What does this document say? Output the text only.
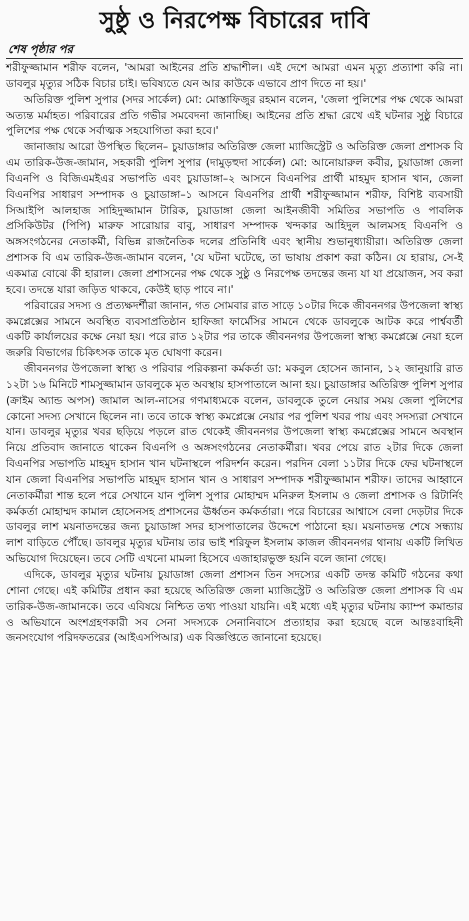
সুষ্ঠু ও নিরপেক্ষ বিচারের দাবি
শেষ পৃষ্ঠার পর

শরীফুজ্জামান শরীফ বলেন, 'আমরা আইনের প্রতি শ্রদ্ধাশীল। এই দেশে আমরা এমন মৃত্যু প্রত্যাশা করি না। ডাবলুর মৃত্যুর সঠিক বিচার চাই। ভবিষ্যতে যেন আর কাউকে এভাবে প্রাণ দিতে না হয়।'

অতিরিক্ত পুলিশ সুপার (সদর সার্কেল) মো: মোস্তাফিজুর রহমান বলেন, 'জেলা পুলিশের পক্ষ থেকে আমরা অত্যন্ত মর্মাহত। পরিবারের প্রতি গভীর সমবেদনা জানাচ্ছি। আইনের প্রতি শ্রদ্ধা রেখে এই ঘটনার সুষ্ঠু বিচারে পুলিশের পক্ষ থেকে সর্বাত্মক সহযোগিতা করা হবে।'

জানাজায় আরো উপস্থিত ছিলেন– চুয়াডাঙ্গার অতিরিক্ত জেলা ম্যাজিস্ট্রেট ও অতিরিক্ত জেলা প্রশাসক বি এম তারিক-উজ-জামান, সহকারী পুলিশ সুপার (দামুড়হুদা সার্কেল) মো: আনোয়ারুল কবীর, চুয়াডাঙ্গা জেলা বিএনপি ও বিজিএমইএর সভাপতি এবং চুয়াডাঙ্গা–২ আসনে বিএনপির প্রার্থী মাহমুদ হাসান খান, জেলা বিএনপির সাধারণ সম্পাদক ও চুয়াডাঙ্গা–১ আসনে বিএনপির প্রার্থী শরীফুজ্জামান শরীফ, বিশিষ্ট ব্যবসায়ী সিআইপি আলহাজ সাহিদুজ্জামান টারিক, চুয়াডাঙ্গা জেলা আইনজীবী সমিতির সভাপতি ও পাবলিক প্রসিকিউটর (পিপি) মারুফ সারোয়ার বাবু, সাধারণ সম্পাদক খন্দকার আহিদুল আলমসহ বিএনপি ও অঙ্গসংগঠনের নেতাকর্মী, বিভিন্ন রাজনৈতিক দলের প্রতিনিধি এবং স্থানীয় শুভানুধ্যায়ীরা। অতিরিক্ত জেলা প্রশাসক বি এম তারিক-উজ-জামান বলেন, 'যে ঘটনা ঘটেছে, তা ভাষায় প্রকাশ করা কঠিন। যে হারায়, সে-ই একমাত্র বোঝে কী হারাল। জেলা প্রশাসনের পক্ষ থেকে সুষ্ঠু ও নিরপেক্ষ তদন্তের জন্য যা যা প্রয়োজন, সব করা হবে। তদন্তে যারা জড়িত থাকবে, কেউই ছাড় পাবে না।'

পরিবারের সদস্য ও প্রত্যক্ষদর্শীরা জানান, গত সোমবার রাত সাড়ে ১০টার দিকে জীবননগর উপজেলা স্বাস্থ্য কমপ্লেক্সের সামনে অবস্থিত ব্যবসাপ্রতিষ্ঠান হাফিজা ফার্মেসির সামনে থেকে ডাবলুকে আটক করে পার্শ্ববর্তী একটি কার্যালয়ের কক্ষে নেয়া হয়। পরে রাত ১২টার পর তাকে জীবননগর উপজেলা স্বাস্থ্য কমপ্লেক্সে নেয়া হলে জরুরি বিভাগের চিকিৎসক তাকে মৃত ঘোষণা করেন।

জীবননগর উপজেলা স্বাস্থ্য ও পরিবার পরিকল্পনা কর্মকর্তা ডা: মকবুল হোসেন জানান, ১২ জানুয়ারি রাত ১২টা ১৬ মিনিটে শামসুজ্জামান ডাবলুকে মৃত অবস্থায় হাসপাতালে আনা হয়। চুয়াডাঙ্গার অতিরিক্ত পুলিশ সুপার (ক্রাইম অ্যান্ড অপস) জামাল আল-নাসের গণমাধ্যমকে বলেন, ডাবলুকে তুলে নেয়ার সময় জেলা পুলিশের কোনো সদস্য সেখানে ছিলেন না। তবে তাকে স্বাস্থ্য কমপ্লেক্সে নেয়ার পর পুলিশ খবর পায় এবং সদস্যরা সেখানে যান। ডাবলুর মৃত্যুর খবর ছড়িয়ে পড়লে রাত থেকেই জীবননগর উপজেলা স্বাস্থ্য কমপ্লেক্সের সামনে অবস্থান নিয়ে প্রতিবাদ জানাতে থাকেন বিএনপি ও অঙ্গসংগঠনের নেতাকর্মীরা। খবর পেয়ে রাত ২টার দিকে জেলা বিএনপির সভাপতি মাহমুদ হাসান খান ঘটনাস্থলে পরিদর্শন করেন। পরদিন বেলা ১১টার দিকে ফের ঘটনাস্থলে যান জেলা বিএনপির সভাপতি মাহমুদ হাসান খান ও সাধারণ সম্পাদক শরীফুজ্জামান শরীফ। তাদের আহ্বানে নেতাকর্মীরা শান্ত হলে পরে সেখানে যান পুলিশ সুপার মোহাম্মদ মনিরুল ইসলাম ও জেলা প্রশাসক ও রিটার্নিং কর্মকর্তা মোহাম্মদ কামাল হোসেনসহ প্রশাসনের ঊর্ধ্বতন কর্মকর্তারা। পরে বিচারের আশ্বাসে বেলা দেড়টার দিকে ডাবলুর লাশ ময়নাতদন্তের জন্য চুয়াডাঙ্গা সদর হাসপাতালের উদ্দেশে পাঠানো হয়। ময়নাতদন্ত শেষে সন্ধ্যায় লাশ বাড়িতে পৌঁছে। ডাবলুর মৃত্যুর ঘটনায় তার ভাই শরিফুল ইসলাম কাজল জীবননগর থানায় একটি লিখিত অভিযোগ দিয়েছেন। তবে সেটি এখনো মামলা হিসেবে এজাহারভুক্ত হয়নি বলে জানা গেছে।

এদিকে, ডাবলুর মৃত্যুর ঘটনায় চুয়াডাঙ্গা জেলা প্রশাসন তিন সদস্যের একটি তদন্ত কমিটি গঠনের কথা শোনা গেছে। এই কমিটির প্রধান করা হয়েছে অতিরিক্ত জেলা ম্যাজিস্ট্রেট ও অতিরিক্ত জেলা প্রশাসক বি এম তারিক-উজ-জামানকে। তবে এবিষয়ে নিশ্চিত তথ্য পাওয়া যায়নি। এই মধ্যে এই মৃত্যুর ঘটনায় ক্যাম্প কমান্ডার ও অভিযানে অংশগ্রহণকারী সব সেনা সদস্যকে সেনানিবাসে প্রত্যাহার করা হয়েছে বলে আন্তঃবাহিনী জনসংযোগ পরিদফতরের (আইএসপিআর) এক বিজ্ঞপ্তিতে জানানো হয়েছে।
